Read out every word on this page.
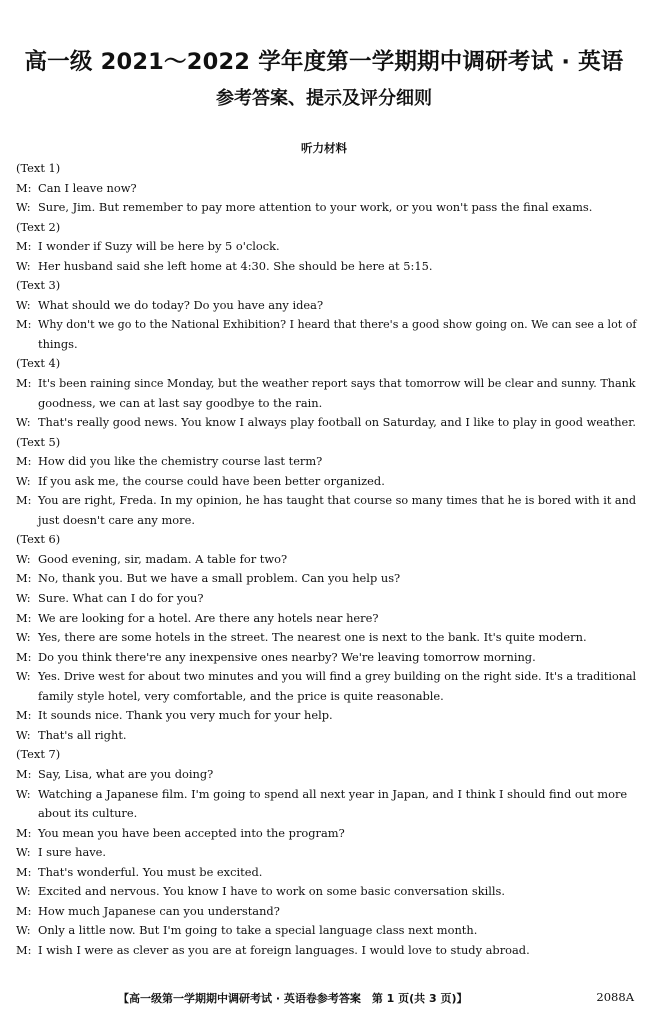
高一级 2021～2022 学年度第一学期期中调研考试 · 英语
参考答案、提示及评分细则
听力材料
(Text 1)
M: Can I leave now?
W: Sure, Jim. But remember to pay more attention to your work, or you won't pass the final exams.
(Text 2)
M: I wonder if Suzy will be here by 5 o'clock.
W: Her husband said she left home at 4:30. She should be here at 5:15.
(Text 3)
W: What should we do today? Do you have any idea?
M: Why don't we go to the National Exhibition? I heard that there's a good show going on. We can see a lot of
things.
(Text 4)
M: It's been raining since Monday, but the weather report says that tomorrow will be clear and sunny. Thank
goodness, we can at last say goodbye to the rain.
W: That's really good news. You know I always play football on Saturday, and I like to play in good weather.
(Text 5)
M: How did you like the chemistry course last term?
W: If you ask me, the course could have been better organized.
M: You are right, Freda. In my opinion, he has taught that course so many times that he is bored with it and
just doesn't care any more.
(Text 6)
W: Good evening, sir, madam. A table for two?
M: No, thank you. But we have a small problem. Can you help us?
W: Sure. What can I do for you?
M: We are looking for a hotel. Are there any hotels near here?
W: Yes, there are some hotels in the street. The nearest one is next to the bank. It's quite modern.
M: Do you think there're any inexpensive ones nearby? We're leaving tomorrow morning.
W: Yes. Drive west for about two minutes and you will find a grey building on the right side. It's a traditional
family style hotel, very comfortable, and the price is quite reasonable.
M: It sounds nice. Thank you very much for your help.
W: That's all right.
(Text 7)
M: Say, Lisa, what are you doing?
W: Watching a Japanese film. I'm going to spend all next year in Japan, and I think I should find out more
about its culture.
M: You mean you have been accepted into the program?
W: I sure have.
M: That's wonderful. You must be excited.
W: Excited and nervous. You know I have to work on some basic conversation skills.
M: How much Japanese can you understand?
W: Only a little now. But I'm going to take a special language class next month.
M: I wish I were as clever as you are at foreign languages. I would love to study abroad.
【高一级第一学期期中调研考试 · 英语卷参考答案　第 1 页(共 3 页)】	2088A
